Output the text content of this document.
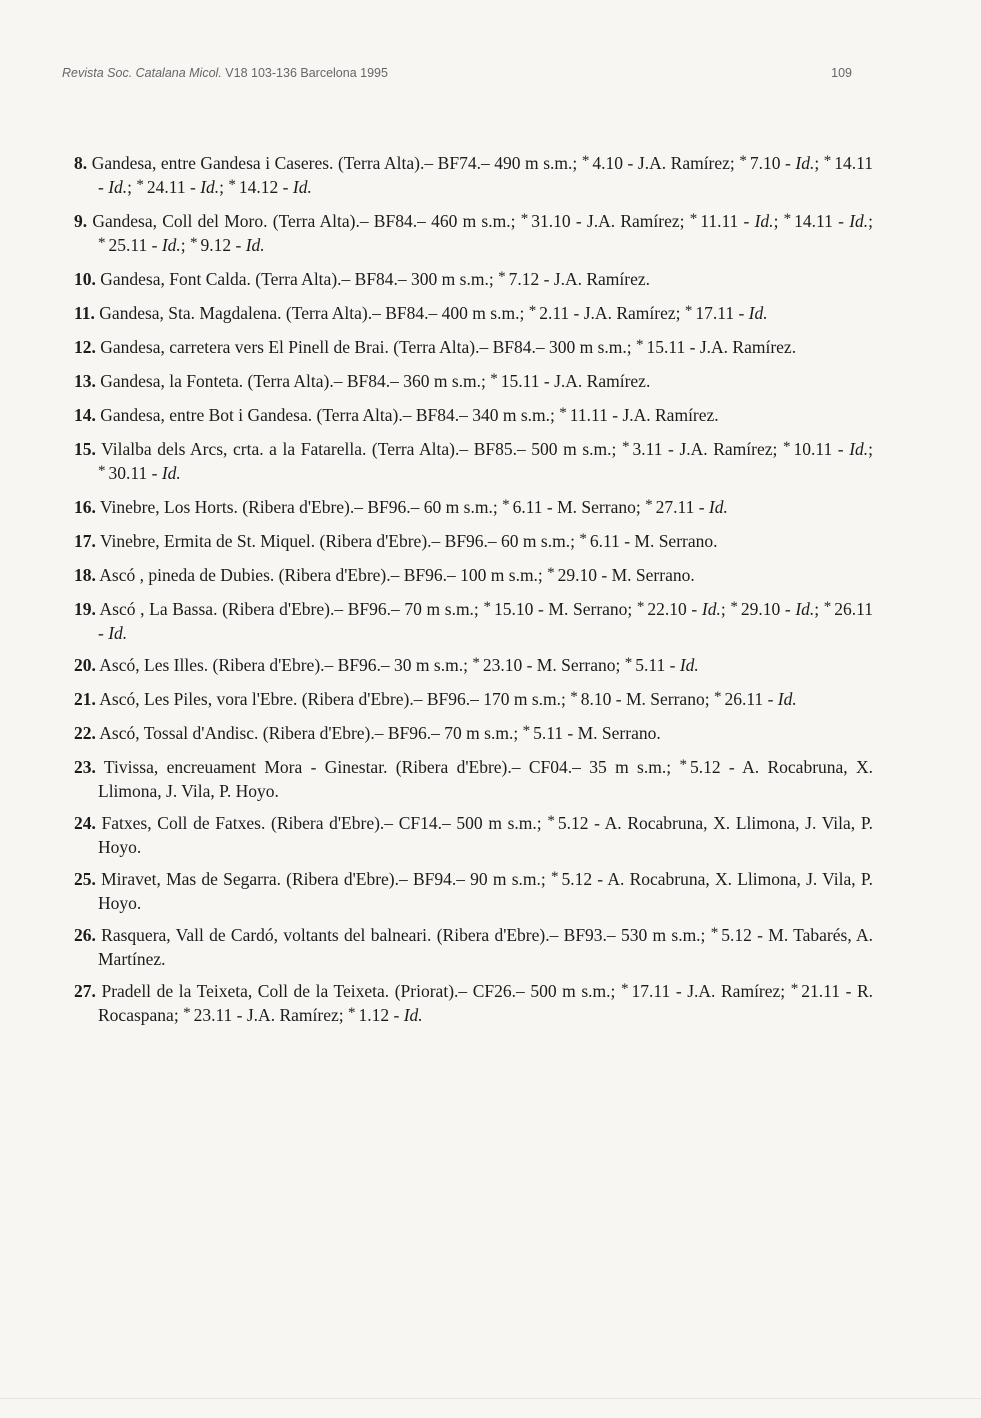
Revista Soc. Catalana Micol. V18 103-136 Barcelona 1995	109

8. Gandesa, entre Gandesa i Caseres. (Terra Alta).– BF74.– 490 m s.m.; * 4.10 - J.A. Ramírez; * 7.10 - Id.; * 14.11 - Id.; * 24.11 - Id.; * 14.12 - Id.

9. Gandesa, Coll del Moro. (Terra Alta).– BF84.– 460 m s.m.; * 31.10 - J.A. Ramírez; * 11.11 - Id.; * 14.11 - Id.; * 25.11 - Id.; * 9.12 - Id.

10. Gandesa, Font Calda. (Terra Alta).– BF84.– 300 m s.m.; * 7.12 - J.A. Ramírez.

11. Gandesa, Sta. Magdalena. (Terra Alta).– BF84.– 400 m s.m.; * 2.11 - J.A. Ramírez; * 17.11 - Id.

12. Gandesa, carretera vers El Pinell de Brai. (Terra Alta).– BF84.– 300 m s.m.; * 15.11 - J.A. Ramírez.

13. Gandesa, la Fonteta. (Terra Alta).– BF84.– 360 m s.m.; * 15.11 - J.A. Ramírez.

14. Gandesa, entre Bot i Gandesa. (Terra Alta).– BF84.– 340 m s.m.; * 11.11 - J.A. Ramírez.

15. Vilalba dels Arcs, crta. a la Fatarella. (Terra Alta).– BF85.– 500 m s.m.; * 3.11 - J.A. Ramírez; * 10.11 - Id.; * 30.11 - Id.

16. Vinebre, Los Horts. (Ribera d'Ebre).– BF96.– 60 m s.m.; * 6.11 - M. Serrano; * 27.11 - Id.

17. Vinebre, Ermita de St. Miquel. (Ribera d'Ebre).– BF96.– 60 m s.m.; * 6.11 - M. Serrano.

18. Ascó , pineda de Dubies. (Ribera d'Ebre).– BF96.– 100 m s.m.; * 29.10 - M. Serrano.

19. Ascó , La Bassa. (Ribera d'Ebre).– BF96.– 70 m s.m.; * 15.10 - M. Serrano; * 22.10 - Id.; * 29.10 - Id.; * 26.11 - Id.

20. Ascó, Les Illes. (Ribera d'Ebre).– BF96.– 30 m s.m.; * 23.10 - M. Serrano; * 5.11 - Id.

21. Ascó, Les Piles, vora l'Ebre. (Ribera d'Ebre).– BF96.– 170 m s.m.; * 8.10 - M. Serrano; * 26.11 - Id.

22. Ascó, Tossal d'Andisc. (Ribera d'Ebre).– BF96.– 70 m s.m.; * 5.11 - M. Serrano.

23. Tivissa, encreuament Mora - Ginestar. (Ribera d'Ebre).– CF04.– 35 m s.m.; * 5.12 - A. Rocabruna, X. Llimona, J. Vila, P. Hoyo.

24. Fatxes, Coll de Fatxes. (Ribera d'Ebre).– CF14.– 500 m s.m.; * 5.12 - A. Rocabruna, X. Llimona, J. Vila, P. Hoyo.

25. Miravet, Mas de Segarra. (Ribera d'Ebre).– BF94.– 90 m s.m.; * 5.12 - A. Rocabruna, X. Llimona, J. Vila, P. Hoyo.

26. Rasquera, Vall de Cardó, voltants del balneari. (Ribera d'Ebre).– BF93.– 530 m s.m.; * 5.12 - M. Tabarés, A. Martínez.

27. Pradell de la Teixeta, Coll de la Teixeta. (Priorat).– CF26.– 500 m s.m.; * 17.11 - J.A. Ramírez; * 21.11 - R. Rocaspana; * 23.11 - J.A. Ramírez; * 1.12 - Id.
